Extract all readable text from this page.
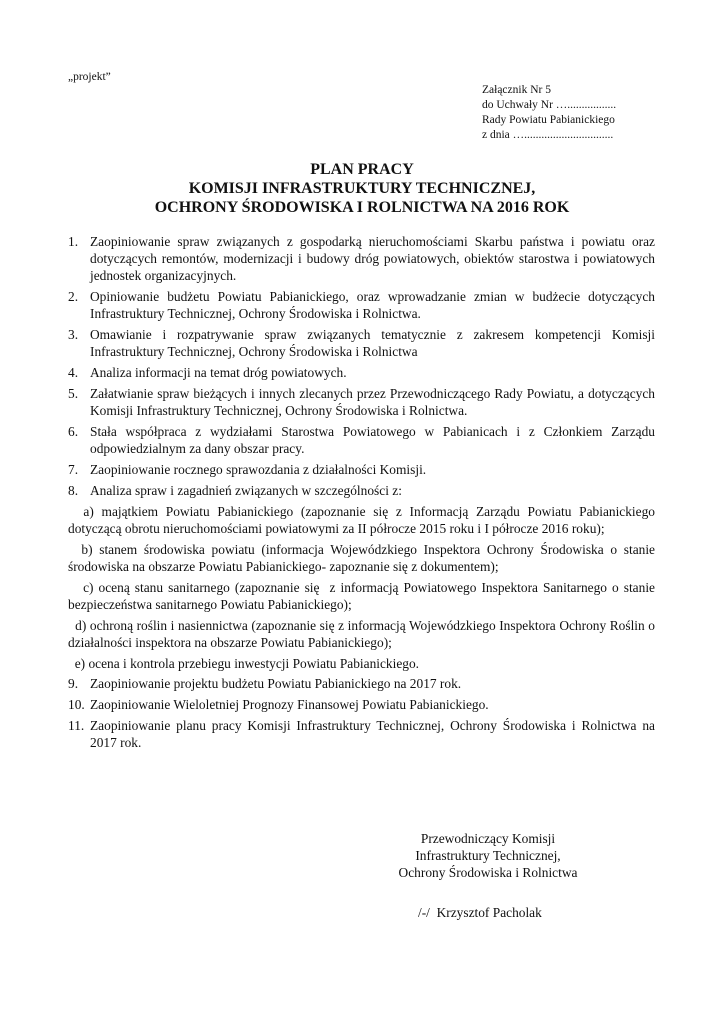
„projekt”
Załącznik Nr 5
do Uchwały Nr ….................
Rady Powiatu Pabianickiego
z dnia …...............................
PLAN PRACY
KOMISJI INFRASTRUKTURY TECHNICZNEJ,
OCHRONY ŚRODOWISKA I ROLNICTWA NA 2016 ROK
1. Zaopiniowanie spraw związanych z gospodarką nieruchomościami Skarbu państwa i powiatu oraz dotyczących remontów, modernizacji i budowy dróg powiatowych, obiektów starostwa i powiatowych jednostek organizacyjnych.
2. Opiniowanie budżetu Powiatu Pabianickiego, oraz wprowadzanie zmian w budżecie dotyczących Infrastruktury Technicznej, Ochrony Środowiska i Rolnictwa.
3. Omawianie i rozpatrywanie spraw związanych tematycznie z zakresem kompetencji Komisji Infrastruktury Technicznej, Ochrony Środowiska i Rolnictwa
4. Analiza informacji na temat dróg powiatowych.
5. Załatwianie spraw bieżących i innych zlecanych przez Przewodniczącego Rady Powiatu, a dotyczących Komisji Infrastruktury Technicznej, Ochrony Środowiska i Rolnictwa.
6. Stała współpraca z wydziałami Starostwa Powiatowego w Pabianicach i z Członkiem Zarządu odpowiedzialnym za dany obszar pracy.
7. Zaopiniowanie rocznego sprawozdania z działalności Komisji.
8. Analiza spraw i zagadnień związanych w szczególności z:
a) majątkiem Powiatu Pabianickiego (zapoznanie się z Informacją Zarządu Powiatu Pabianickiego dotyczącą obrotu nieruchomościami powiatowymi za II półrocze 2015 roku i I półrocze 2016 roku);
b) stanem środowiska powiatu (informacja Wojewódzkiego Inspektora Ochrony Środowiska o stanie środowiska na obszarze Powiatu Pabianickiego- zapoznanie się z dokumentem);
c) oceną stanu sanitarnego (zapoznanie się  z informacją Powiatowego Inspektora Sanitarnego o stanie bezpieczeństwa sanitarnego Powiatu Pabianickiego);
d) ochroną roślin i nasiennictwa (zapoznanie się z informacją Wojewódzkiego Inspektora Ochrony Roślin o działalności inspektora na obszarze Powiatu Pabianickiego);
e) ocena i kontrola przebiegu inwestycji Powiatu Pabianickiego.
9. Zaopiniowanie projektu budżetu Powiatu Pabianickiego na 2017 rok.
10. Zaopiniowanie Wieloletniej Prognozy Finansowej Powiatu Pabianickiego.
11. Zaopiniowanie planu pracy Komisji Infrastruktury Technicznej, Ochrony Środowiska i Rolnictwa na 2017 rok.
Przewodniczący Komisji
Infrastruktury Technicznej,
Ochrony Środowiska i Rolnictwa
/-/  Krzysztof Pacholak
